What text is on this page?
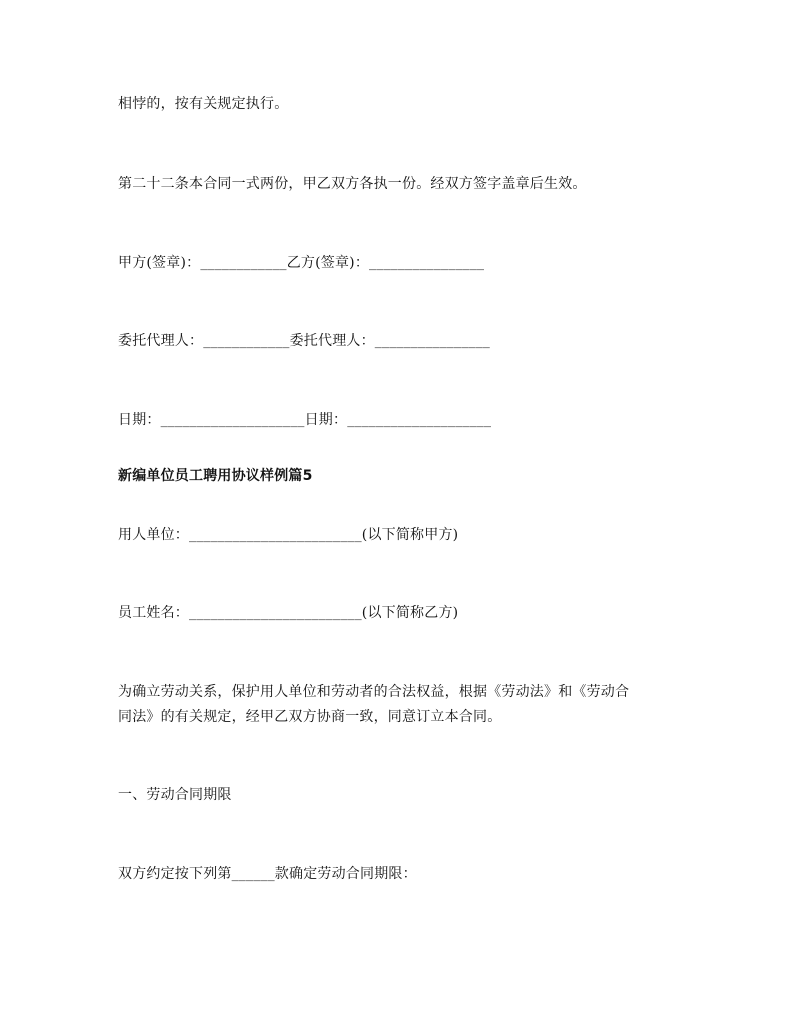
相悖的，按有关规定执行。
第二十二条本合同一式两份，甲乙双方各执一份。经双方签字盖章后生效。
甲方(签章)：____________乙方(签章)：________________
委托代理人：____________委托代理人：________________
日期：____________________日期：____________________
新编单位员工聘用协议样例篇5
用人单位：________________________(以下简称甲方)
员工姓名：________________________(以下简称乙方)
为确立劳动关系，保护用人单位和劳动者的合法权益，根据《劳动法》和《劳动合
同法》的有关规定，经甲乙双方协商一致，同意订立本合同。
一、劳动合同期限
双方约定按下列第______款确定劳动合同期限：
